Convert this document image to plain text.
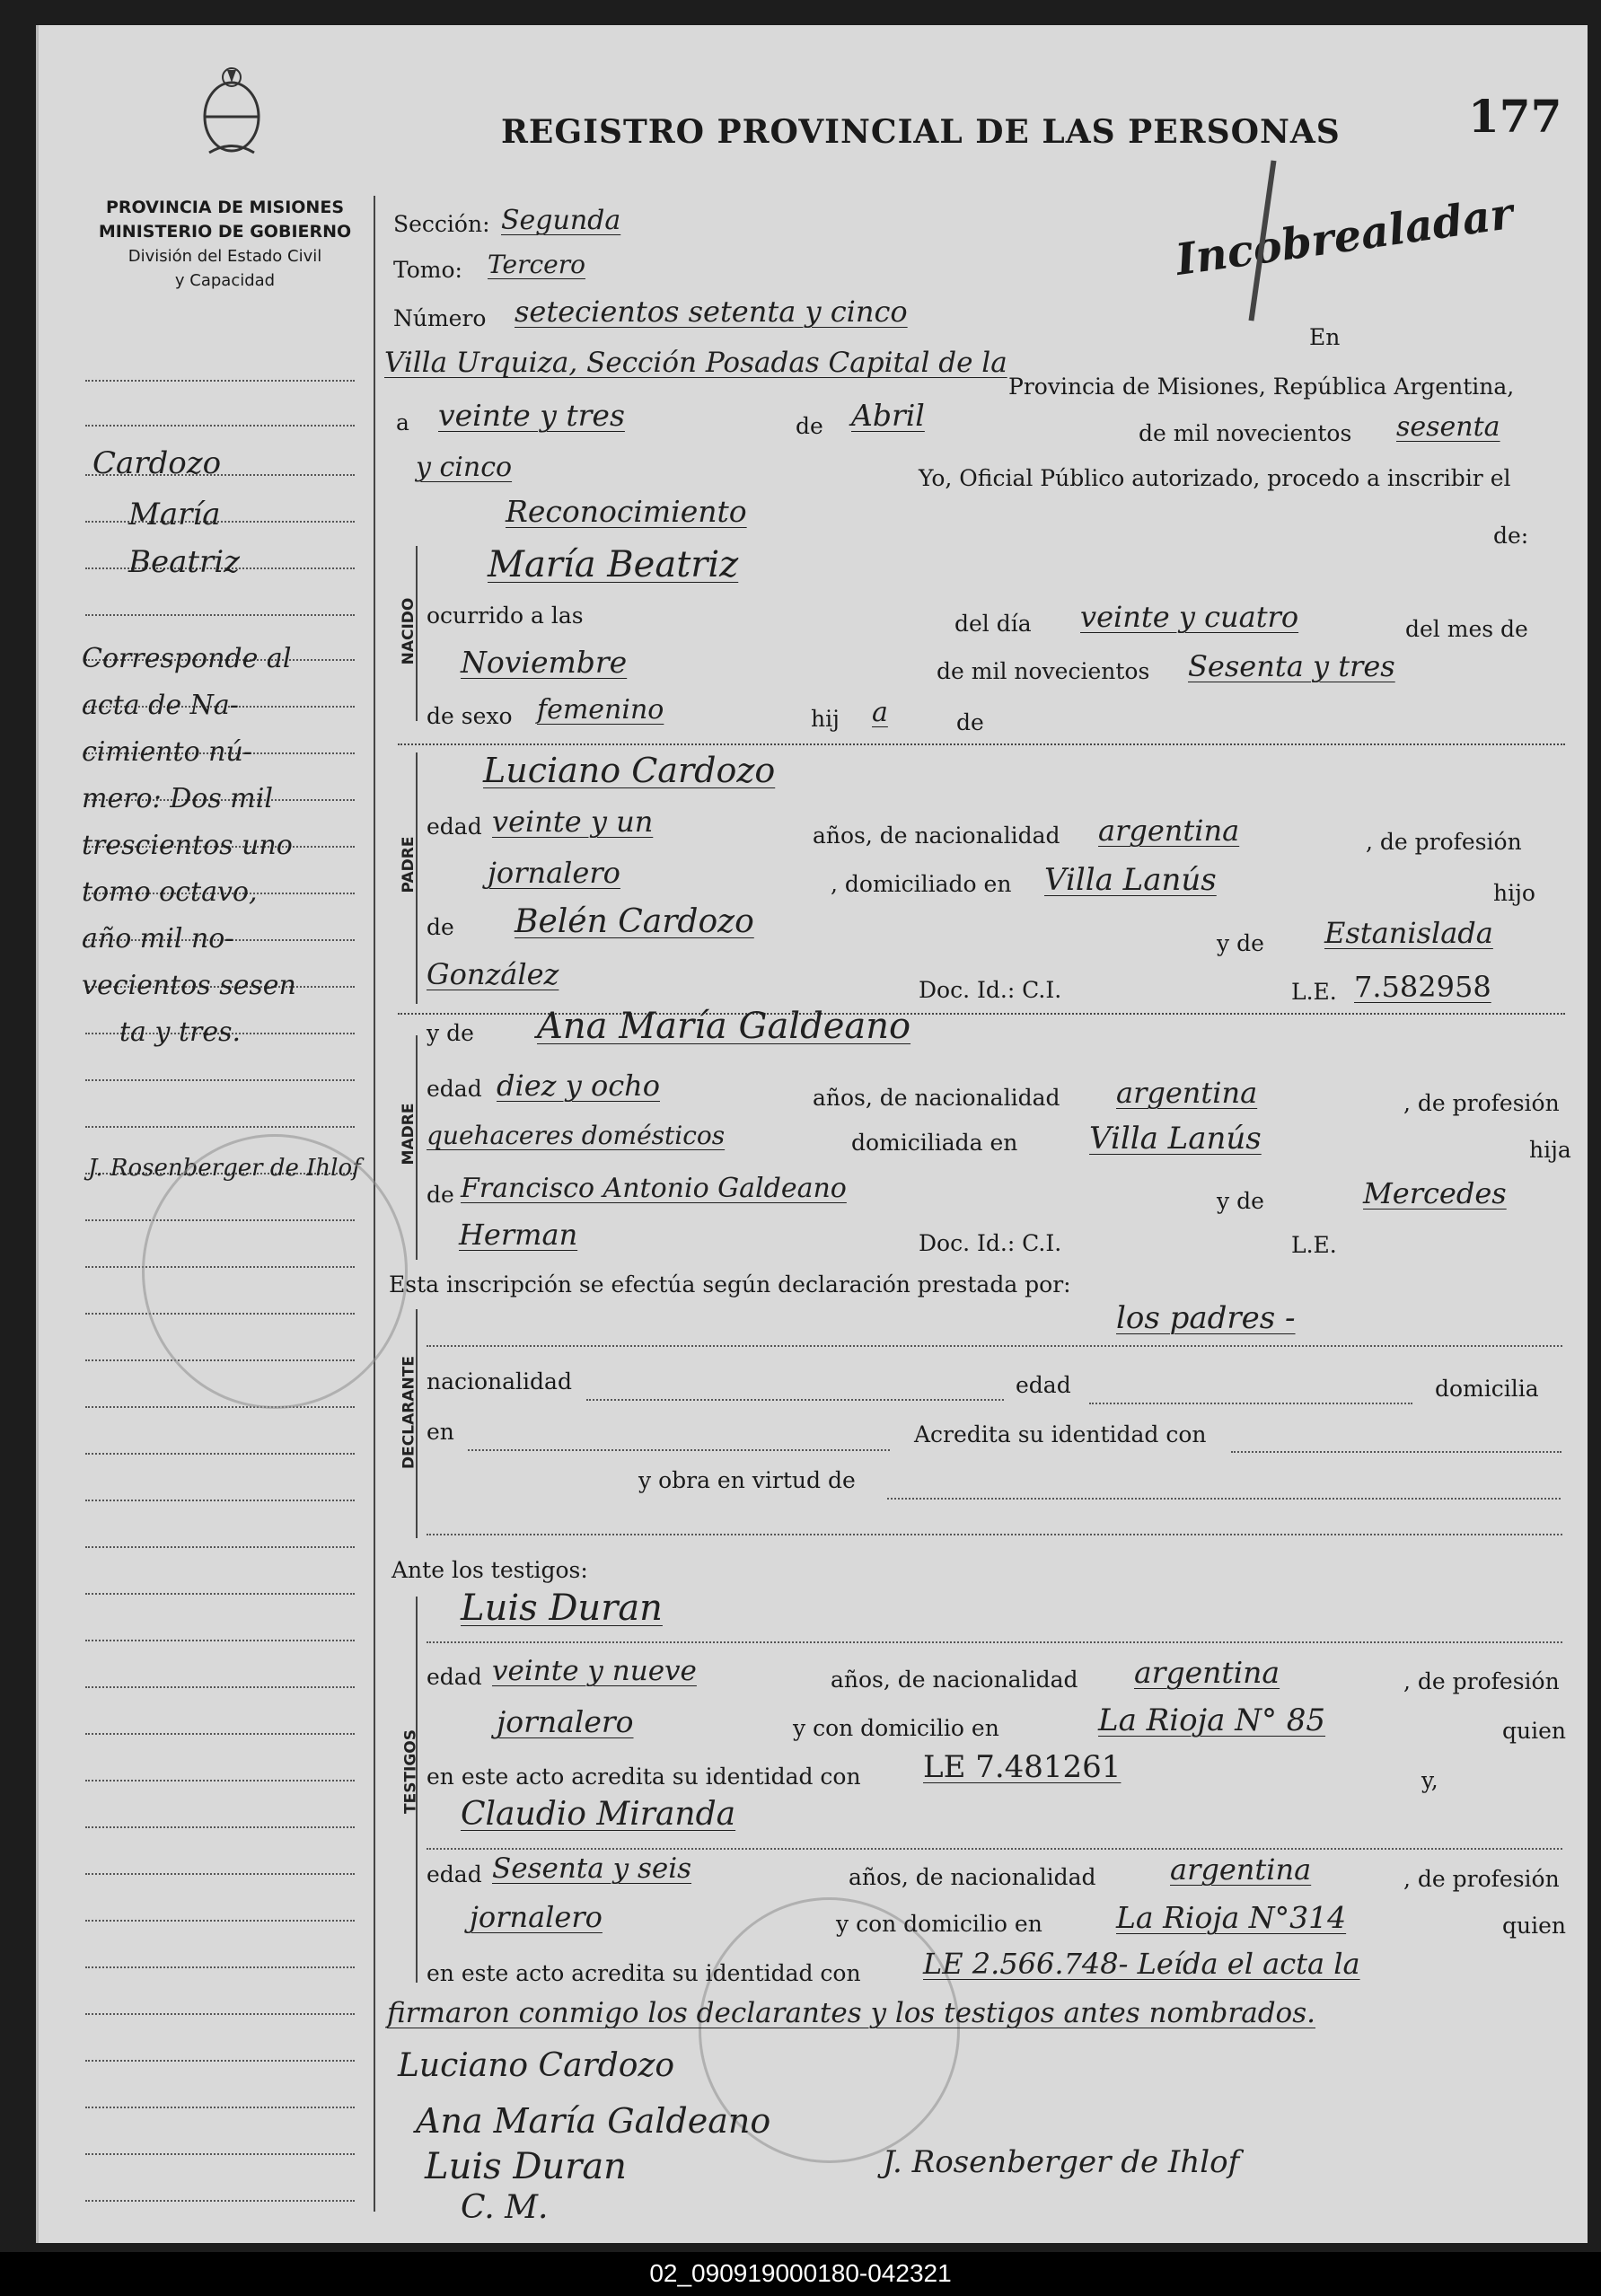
REGISTRO PROVINCIAL DE LAS PERSONAS	177
Incobrealadar
PROVINCIA DE MISIONES
MINISTERIO DE GOBIERNO
División del Estado Civil
y Capacidad
Cardozo
María
Beatriz
Corresponde al
acta de Na-
cimiento nú-
mero: Dos mil
trescientos uno
tomo octavo,
año mil no-
vecientos sesen
ta y tres.
J. Rosenberger de Ihlof
Sección: Segunda
Tomo: Tercero
Número setecientos setenta y cinco
En
Villa Urquiza, Sección Posadas Capital de la
Provincia de Misiones, República Argentina,
a veinte y tres	de Abril
de mil novecientos sesenta
y cinco	Yo, Oficial Público autorizado, procedo a inscribir el
Reconocimiento
de:
NACIDO
María Beatriz
ocurrido a las	del día veinte y cuatro	del mes de
Noviembre	de mil novecientos Sesenta y tres
de sexo femenino	hij a	de
PADRE
Luciano Cardozo
edad veinte y un	años, de nacionalidad argentina	, de profesión
jornalero	, domiciliado en Villa Lanús	hijo
de Belén Cardozo
y de Estanislada
González	Doc. Id.: C.I.	L.E. 7.582958
MADRE
y de Ana María Galdeano
edad diez y ocho	años, de nacionalidad argentina	, de profesión
quehaceres domésticos	domiciliada en Villa Lanús	hija
de Francisco Antonio Galdeano	y de	Mercedes
Herman	Doc. Id.: C.I.	L.E.
Esta inscripción se efectúa según declaración prestada por:
DECLARANTE
los padres -
nacionalidad	edad	domicilia
en	Acredita su identidad con
y obra en virtud de
Ante los testigos:
TESTIGOS
Luis Duran
edad veinte y nueve	años, de nacionalidad argentina	, de profesión
jornalero	y con domicilio en	La Rioja N° 85	quien
en este acto acredita su identidad con LE 7.481261	y,
Claudio Miranda
edad Sesenta y seis	años, de nacionalidad	argentina	, de profesión
jornalero	y con domicilio en La Rioja N°314	quien
en este acto acredita su identidad con LE 2.566.748- Leída el acta la
firmaron conmigo los declarantes y los testigos antes nombrados.
Luciano Cardozo
Ana María Galdeano
Luis Duran	J. Rosenberger de Ihlof
C. M.
02_090919000180-042321
